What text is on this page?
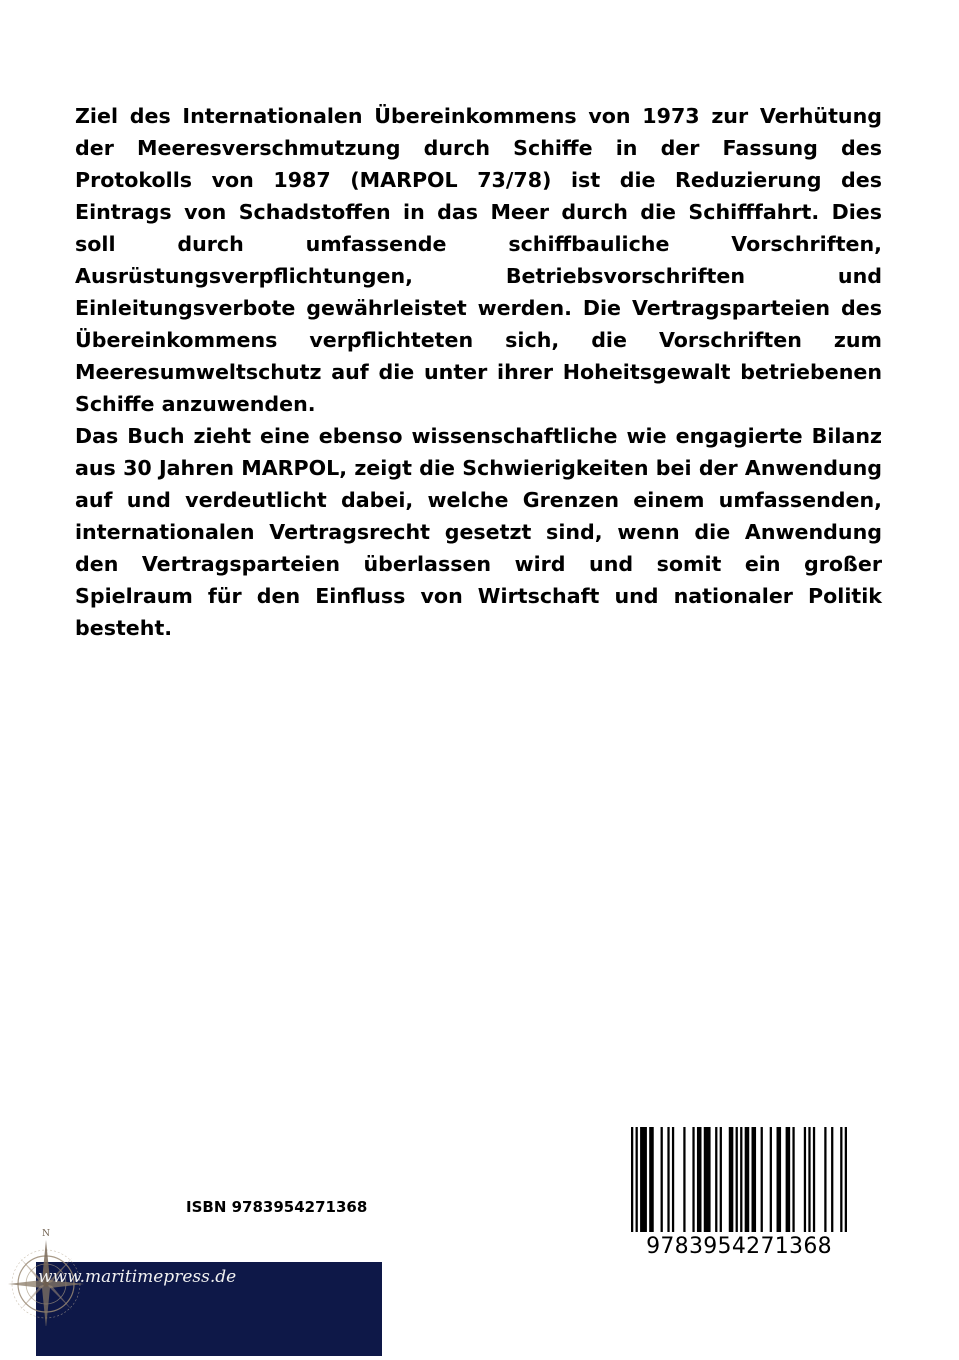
Ziel des Internationalen Übereinkommens von 1973 zur Verhütung der Meeresverschmutzung durch Schiffe in der Fassung des Protokolls von 1987 (MARPOL 73/78) ist die Reduzierung des Eintrags von Schadstoffen in das Meer durch die Schifffahrt. Dies soll durch umfassende schiffbauliche Vorschriften, Ausrüstungsverpflichtungen, Betriebsvorschriften und Einleitungsverbote gewährleistet werden. Die Vertragsparteien des Übereinkommens verpflichteten sich, die Vorschriften zum Meeresumweltschutz auf die unter ihrer Hoheitsgewalt betriebenen Schiffe anzuwenden.

Das Buch zieht eine ebenso wissenschaftliche wie engagierte Bilanz aus 30 Jahren MARPOL, zeigt die Schwierigkeiten bei der Anwendung auf und verdeutlicht dabei, welche Grenzen einem umfassenden, internationalen Vertragsrecht gesetzt sind, wenn die Anwendung den Vertragsparteien überlassen wird und somit ein großer Spielraum für den Einfluss von Wirtschaft und nationaler Politik besteht.

ISBN 9783954271368
9783954271368
N
www.maritimepress.de
